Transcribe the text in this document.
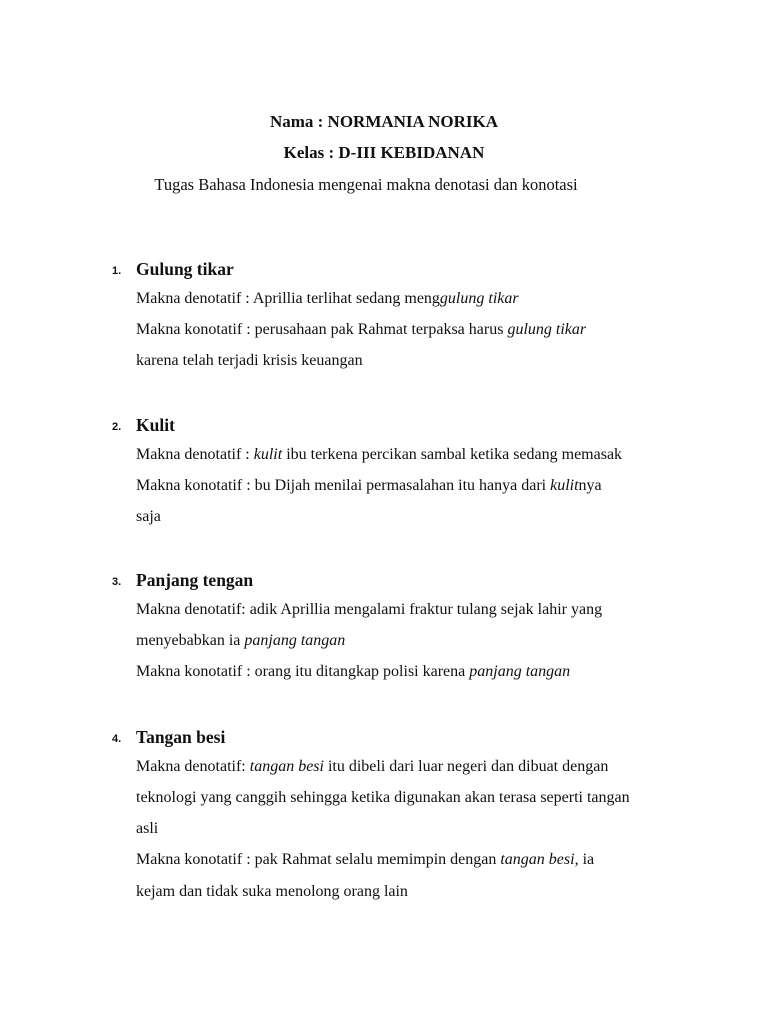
Nama : NORMANIA NORIKA
Kelas : D-III KEBIDANAN
Tugas Bahasa Indonesia mengenai makna denotasi dan konotasi
1. Gulung tikar
Makna denotatif : Aprillia terlihat sedang menggulung tikar
Makna konotatif : perusahaan pak Rahmat terpaksa harus gulung tikar
karena telah terjadi krisis keuangan
2. Kulit
Makna denotatif : kulit ibu terkena percikan sambal ketika sedang memasak
Makna konotatif : bu Dijah menilai permasalahan itu hanya dari kulitnya
saja
3. Panjang tengan
Makna denotatif: adik Aprillia mengalami fraktur tulang sejak lahir yang
menyebabkan ia panjang tangan
Makna konotatif : orang itu ditangkap polisi karena panjang tangan
4. Tangan besi
Makna denotatif: tangan besi itu dibeli dari luar negeri dan dibuat dengan
teknologi yang canggih sehingga ketika digunakan akan terasa seperti tangan
asli
Makna konotatif : pak Rahmat selalu memimpin dengan tangan besi, ia
kejam dan tidak suka menolong orang lain
